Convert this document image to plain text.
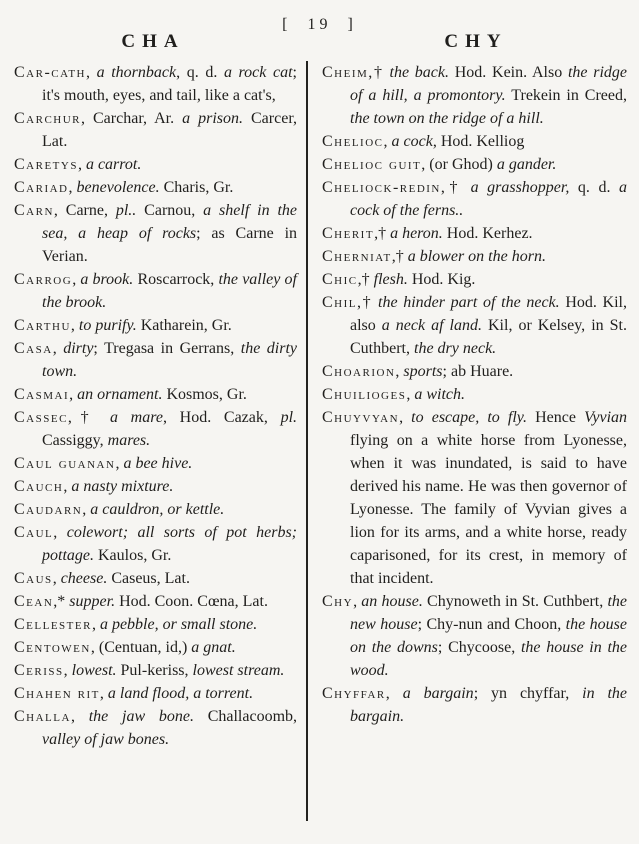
CHA
[  19  ]
CHY
Car-cath, a thornback, q. d. a rock cat; it's mouth, eyes, and tail, like a cat's,
Carchur, Carchar, Ar. a prison. Carcer, Lat.
Caretys, a carrot.
Cariad, benevolence. Charis, Gr.
Carn, Carne, pl.. Carnou, a shelf in the sea, a heap of rocks; as Carne in Verian.
Carrog, a brook. Roscarrock, the valley of the brook.
Carthu, to purify. Katharein, Gr.
Casa, dirty; Tregasa in Gerrans, the dirty town.
Casmai, an ornament. Kosmos, Gr.
Cassec,† a mare, Hod. Cazak, pl. Cassiggy, mares.
Caul guanan, a bee hive.
Cauch, a nasty mixture.
Caudarn, a cauldron, or kettle.
Caul, colewort; all sorts of pot herbs; pottage. Kaulos, Gr.
Caus, cheese. Caseus, Lat.
Cean,* supper. Hod. Coon. Cœna, Lat.
Cellester, a pebble, or small stone.
Centowen, (Centuan, id,) a gnat.
Ceriss, lowest. Pul-keriss, lowest stream.
Chahen rit, a land flood, a torrent.
Challa, the jaw bone. Challacoomb, valley of jaw bones.
Cheim,† the back. Hod. Kein. Also the ridge of a hill, a promontory. Trekein in Creed, the town on the ridge of a hill.
Chelioc, a cock, Hod. Kelliog
Chelioc guit, (or Ghod) a gander.
Cheliock-redin,† a grasshopper, q. d. a cock of the ferns..
Cherit,† a heron. Hod. Kerhez.
Cherniat,† a blower on the horn.
Chic,† flesh. Hod. Kig.
Chil,† the hinder part of the neck. Hod. Kil, also a neck af land. Kil, or Kelsey, in St. Cuthbert, the dry neck.
Choarion, sports; ab Huare.
Chuilioges, a witch.
Chuyvyan, to escape, to fly. Hence Vyvian flying on a white horse from Lyonesse, when it was inundated, is said to have derived his name. He was then governor of Lyonesse. The family of Vyvian gives a lion for its arms, and a white horse, ready caparisoned, for its crest, in memory of that incident.
Chy, an house. Chynoweth in St. Cuthbert, the new house; Chy-nun and Choon, the house on the downs; Chycoose, the house in the wood.
Chyffar, a bargain; yn chyffar, in the bargain.
